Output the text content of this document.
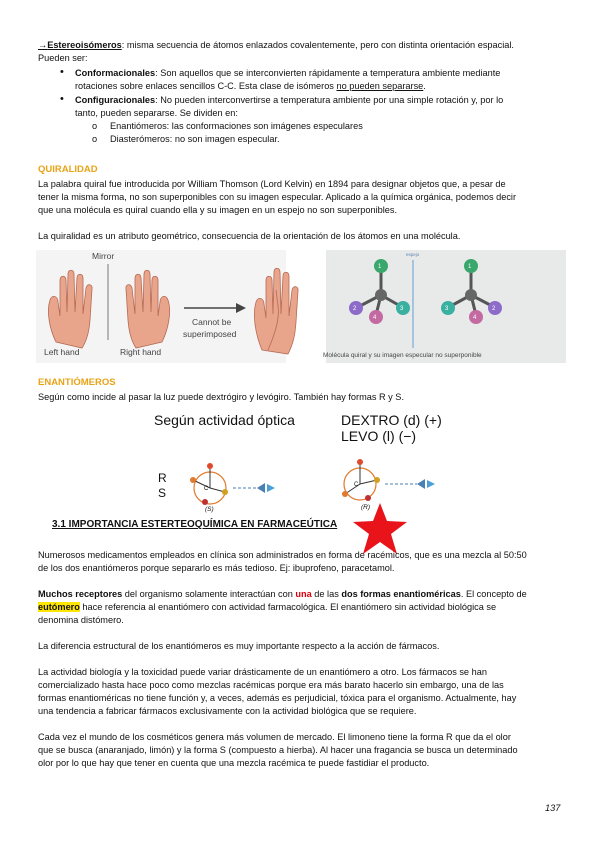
→Estereoisómeros: misma secuencia de átomos enlazados covalentemente, pero con distinta orientación espacial.
Pueden ser:
• Conformacionales: Son aquellos que se interconvierten rápidamente a temperatura ambiente mediante
rotaciones sobre enlaces sencillos C-C. Esta clase de isómeros no pueden separarse.
• Configuracionales: No pueden interconvertirse a temperatura ambiente por una simple rotación y, por lo
tanto, pueden separarse. Se dividen en:
o Enantiómeros: las conformaciones son imágenes especulares
o Diasterómeros: no son imagen especular.
QUIRALIDAD
La palabra quiral fue introducida por William Thomson (Lord Kelvin) en 1894 para designar objetos que, a pesar de
tener la misma forma, no son superponibles con su imagen especular. Aplicado a la química orgánica, podemos decir
que una molécula es quiral cuando ella y su imagen en un espejo no son superponibles.
La quiralidad es un atributo geométrico, consecuencia de la orientación de los átomos en una molécula.
Mirror
Left hand	Right hand
Cannot be
superimposed
espejo
Molécula quiral y su imagen especular no superponible
1
2	3
4
1
2
3
4
ENANTIÓMEROS
Según como incide al pasar la luz puede dextrógiro y levógiro. También hay formas R y S.
Según actividad óptica	DEXTRO (d) (+)
LEVO (l) (−)
R
S	C
C
(S)	(R)
3.1 IMPORTANCIA ESTERTEOQUÍMICA EN FARMACEÚTICA
Numerosos medicamentos empleados en clínica son administrados en forma de racémicos, que es una mezcla al 50:50
de los dos enantiómeros porque separarlo es más tedioso. Ej: ibuprofeno, paracetamol.
Muchos receptores del organismo solamente interactúan con una de las dos formas enantioméricas. El concepto de
eutómero hace referencia al enantiómero con actividad farmacológica. El enantiómero sin actividad biológica se
denomina distómero.
La diferencia estructural de los enantiómeros es muy importante respecto a la acción de fármacos.
La actividad biología y la toxicidad puede variar drásticamente de un enantiómero a otro. Los fármacos se han
comercializado hasta hace poco como mezclas racémicas porque era más barato hacerlo sin embargo, una de las
formas enantioméricas no tiene función y, a veces, además es perjudicial, tóxica para el organismo. Actualmente, hay
una tendencia a fabricar fármacos exclusivamente con la actividad biológica que se requiere.
Cada vez el mundo de los cosméticos genera más volumen de mercado. El limoneno tiene la forma R que da el olor
que se busca (anaranjado, limón) y la forma S (compuesto a hierba). Al hacer una fragancia se busca un determinado
olor por lo que hay que tener en cuenta que una mezcla racémica te puede fastidiar el producto.
137
